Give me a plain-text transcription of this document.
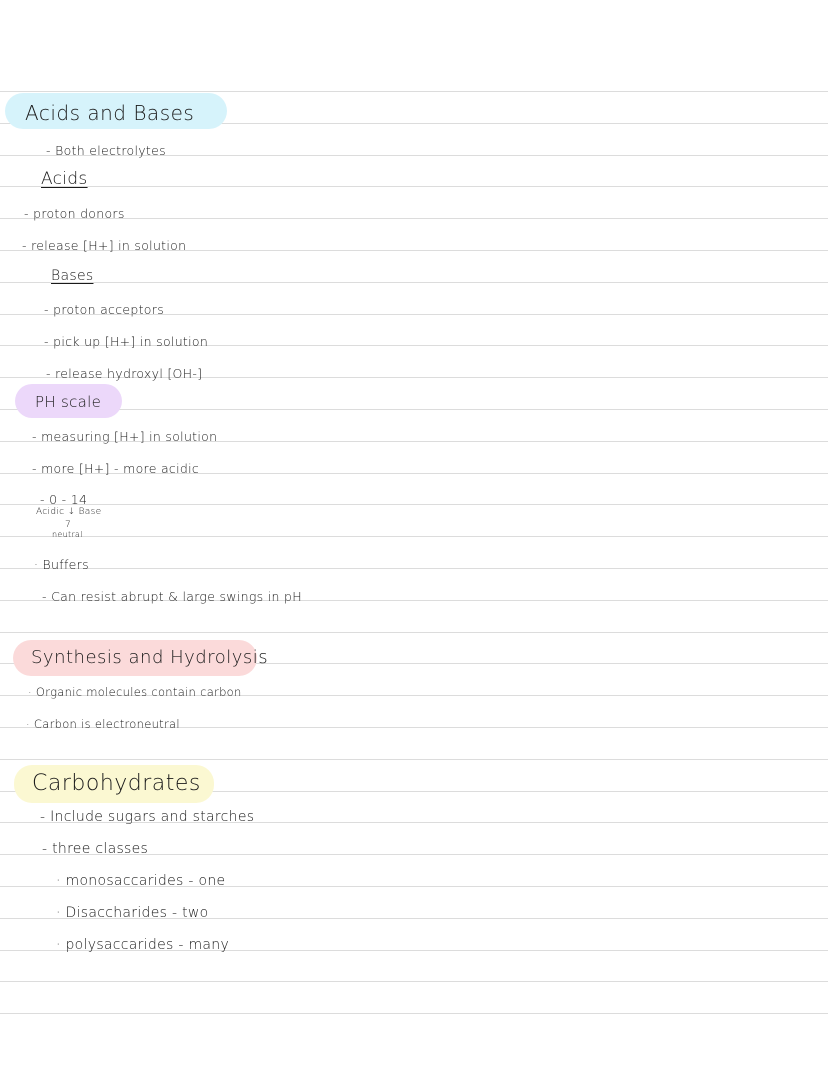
Acids and Bases
- Both electrolytes
Acids
- proton donors
- release [H+] in solution
Bases
- proton acceptors
- pick up [H+] in solution
- release hydroxyl [OH-]
PH scale
- measuring [H+] in solution
- more [H+] - more acidic
- 0 - 14
Acidic ↓ Base
7
neutral
· Buffers
- Can resist abrupt & large swings in pH
Synthesis and Hydrolysis
· Organic molecules contain carbon
· Carbon is electroneutral
Carbohydrates
- Include sugars and starches
- three classes
· monosaccarides - one
· Disaccharides - two
· polysaccarides - many
